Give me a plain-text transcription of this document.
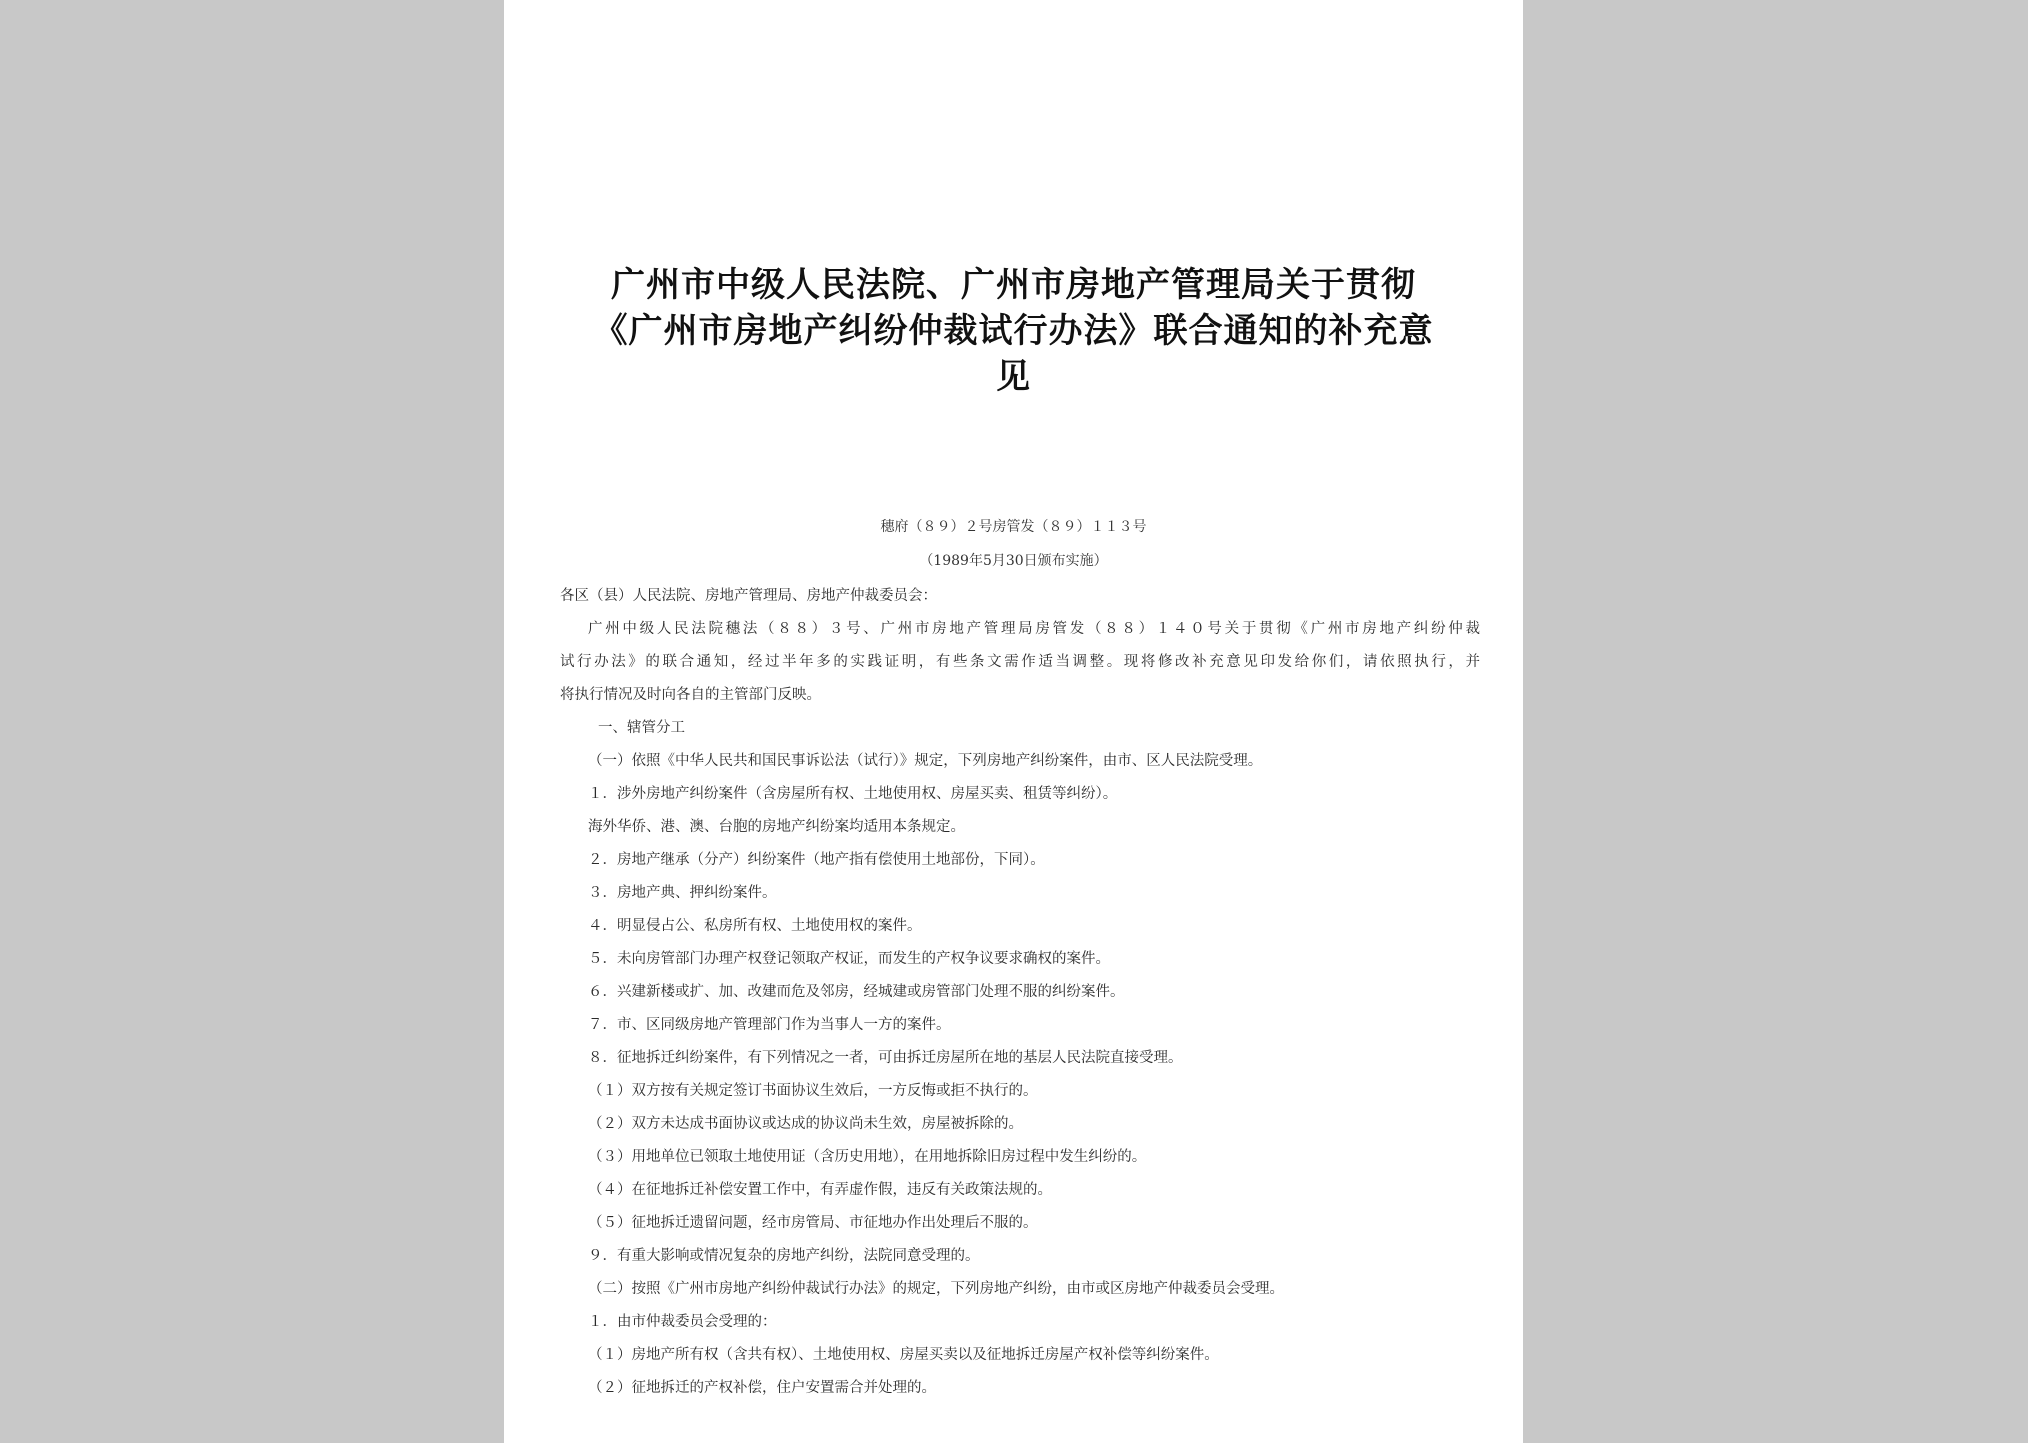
广州市中级人民法院、广州市房地产管理局关于贯彻
《广州市房地产纠纷仲裁试行办法》联合通知的补充意
见
穗府（８９）２号房管发（８９）１１３号
（1989年5月30日颁布实施）
各区（县）人民法院、房地产管理局、房地产仲裁委员会：
广州中级人民法院穗法（８８）３号、广州市房地产管理局房管发（８８）１４０号关于贯彻《广州市房地产纠纷仲裁
试行办法》的联合通知，经过半年多的实践证明，有些条文需作适当调整。现将修改补充意见印发给你们，请依照执行，并
将执行情况及时向各自的主管部门反映。
一、辖管分工
（一）依照《中华人民共和国民事诉讼法（试行）》规定，下列房地产纠纷案件，由市、区人民法院受理。
１．涉外房地产纠纷案件（含房屋所有权、土地使用权、房屋买卖、租赁等纠纷）。
海外华侨、港、澳、台胞的房地产纠纷案均适用本条规定。
２．房地产继承（分产）纠纷案件（地产指有偿使用土地部份，下同）。
３．房地产典、押纠纷案件。
４．明显侵占公、私房所有权、土地使用权的案件。
５．未向房管部门办理产权登记领取产权证，而发生的产权争议要求确权的案件。
６．兴建新楼或扩、加、改建而危及邻房，经城建或房管部门处理不服的纠纷案件。
７．市、区同级房地产管理部门作为当事人一方的案件。
８．征地拆迁纠纷案件，有下列情况之一者，可由拆迁房屋所在地的基层人民法院直接受理。
（１）双方按有关规定签订书面协议生效后，一方反悔或拒不执行的。
（２）双方未达成书面协议或达成的协议尚未生效，房屋被拆除的。
（３）用地单位已领取土地使用证（含历史用地），在用地拆除旧房过程中发生纠纷的。
（４）在征地拆迁补偿安置工作中，有弄虚作假，违反有关政策法规的。
（５）征地拆迁遗留问题，经市房管局、市征地办作出处理后不服的。
９．有重大影响或情况复杂的房地产纠纷，法院同意受理的。
（二）按照《广州市房地产纠纷仲裁试行办法》的规定，下列房地产纠纷，由市或区房地产仲裁委员会受理。
１．由市仲裁委员会受理的：
（１）房地产所有权（含共有权）、土地使用权、房屋买卖以及征地拆迁房屋产权补偿等纠纷案件。
（２）征地拆迁的产权补偿，住户安置需合并处理的。
